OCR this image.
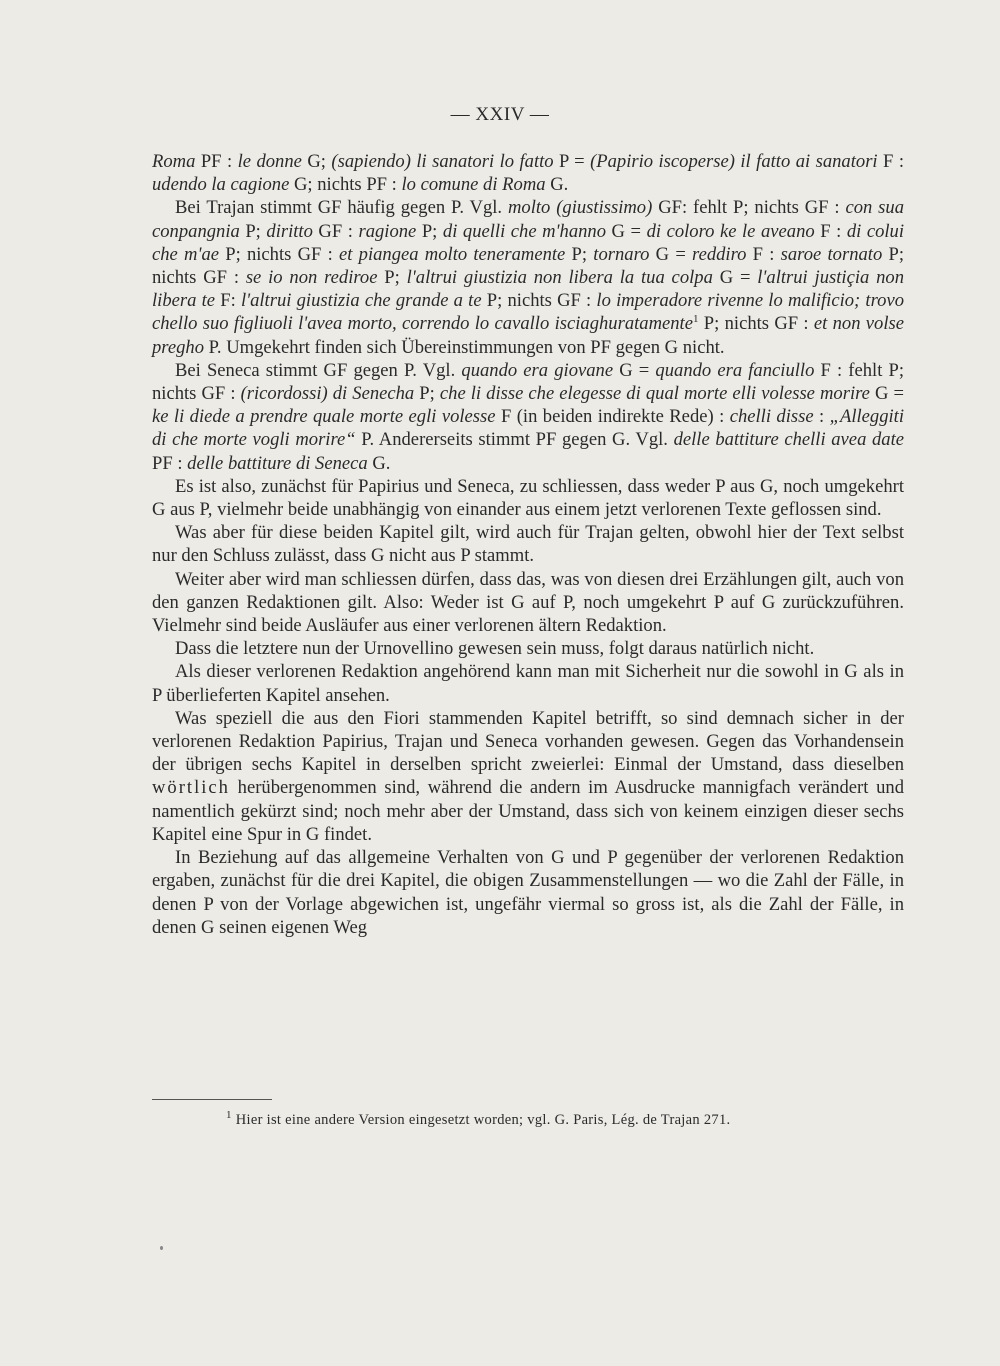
— XXIV —

Roma PF : le donne G; (sapiendo) li sanatori lo fatto P = (Papirio iscoperse) il fatto ai sanatori F : udendo la cagione G; nichts PF : lo comune di Roma G.

Bei Trajan stimmt GF häufig gegen P. Vgl. molto (giustissimo) GF: fehlt P; nichts GF : con sua conpangnia P; diritto GF : ragione P; di quelli che m'hanno G = di coloro ke le aveano F : di colui che m'ae P; nichts GF : et piangea molto teneramente P; tornaro G = reddiro F : saroe tornato P; nichts GF : se io non rediroe P; l'altrui giustizia non libera la tua colpa G = l'altrui justiçia non libera te F: l'altrui giustizia che grande a te P; nichts GF : lo imperadore rivenne lo malificio; trovo chello suo figliuoli l'avea morto, correndo lo cavallo isciaghuratamente$^1$ P; nichts GF : et non volse pregho P. Umgekehrt finden sich Übereinstimmungen von PF gegen G nicht.

Bei Seneca stimmt GF gegen P. Vgl. quando era giovane G = quando era fanciullo F : fehlt P; nichts GF : (ricordossi) di Senecha P; che li disse che elegesse di qual morte elli volesse morire G = ke li diede a prendre quale morte egli volesse F (in beiden indirekte Rede) : chelli disse : „Alleggiti di che morte vogli morire“ P. Andererseits stimmt PF gegen G. Vgl. delle battiture chelli avea date PF : delle battiture di Seneca G.

Es ist also, zunächst für Papirius und Seneca, zu schliessen, dass weder P aus G, noch umgekehrt G aus P, vielmehr beide unabhängig von einander aus einem jetzt verlorenen Texte geflossen sind.

Was aber für diese beiden Kapitel gilt, wird auch für Trajan gelten, obwohl hier der Text selbst nur den Schluss zulässt, dass G nicht aus P stammt.

Weiter aber wird man schliessen dürfen, dass das, was von diesen drei Erzählungen gilt, auch von den ganzen Redaktionen gilt. Also: Weder ist G auf P, noch umgekehrt P auf G zurückzuführen. Vielmehr sind beide Ausläufer aus einer verlorenen ältern Redaktion.

Dass die letztere nun der Urnovellino gewesen sein muss, folgt daraus natürlich nicht.

Als dieser verlorenen Redaktion angehörend kann man mit Sicherheit nur die sowohl in G als in P überlieferten Kapitel ansehen.

Was speziell die aus den Fiori stammenden Kapitel betrifft, so sind demnach sicher in der verlorenen Redaktion Papirius, Trajan und Seneca vorhanden gewesen. Gegen das Vorhandensein der übrigen sechs Kapitel in derselben spricht zweierlei: Einmal der Umstand, dass dieselben wörtlich herübergenommen sind, während die andern im Ausdrucke mannigfach verändert und namentlich gekürzt sind; noch mehr aber der Umstand, dass sich von keinem einzigen dieser sechs Kapitel eine Spur in G findet.

In Beziehung auf das allgemeine Verhalten von G und P gegenüber der verlorenen Redaktion ergaben, zunächst für die drei Kapitel, die obigen Zusammenstellungen — wo die Zahl der Fälle, in denen P von der Vorlage abgewichen ist, ungefähr viermal so gross ist, als die Zahl der Fälle, in denen G seinen eigenen Weg

$^1$ Hier ist eine andere Version eingesetzt worden; vgl. G. Paris, Lég. de Trajan 271.
